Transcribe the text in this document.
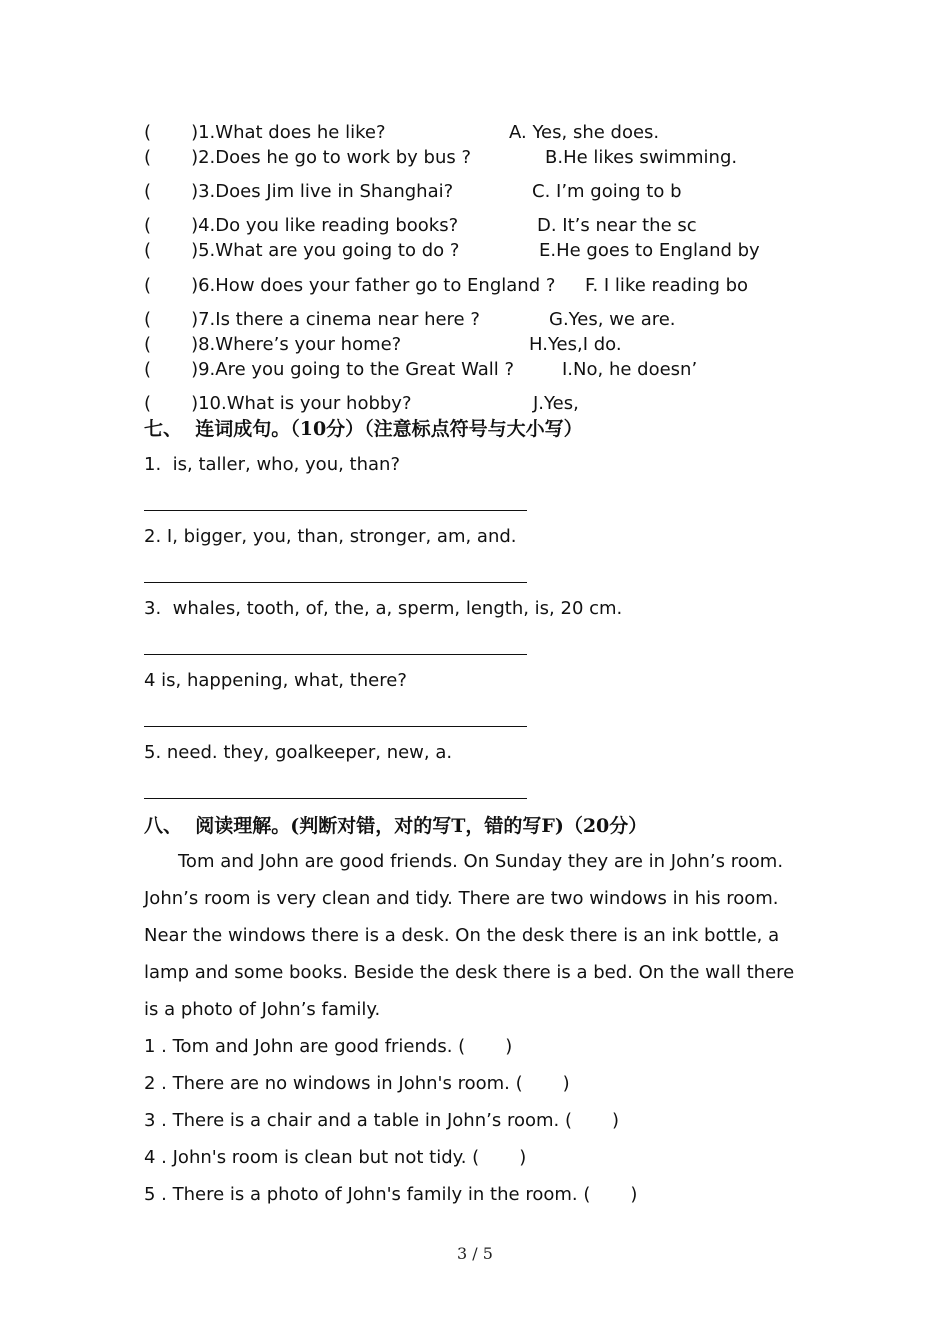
(       )1.What does he like?	A. Yes, she does.
(       )2.Does he go to work by bus ?	B.He likes swimming.
(       )3.Does Jim live in Shanghai?	C. I’m going to b
(       )4.Do you like reading books?	D. It’s near the sc
(       )5.What are you going to do ?	E.He goes to England by
(       )6.How does your father go to England ? F. I like reading bo
(       )7.Is there a cinema near here ?	G.Yes, we are.
(       )8.Where’s your home?	H.Yes,I do.
(       )9.Are you going to the Great Wall ?	I.No, he doesn’
(       )10.What is your hobby?	J.Yes,
七、  连词成句。（10分）（注意标点符号与大小写）
1.  is, taller, who, you, than?
2. I, bigger, you, than, stronger, am, and.
3.  whales, tooth, of, the, a, sperm, length, is, 20 cm.
4 is, happening, what, there?
5. need. they, goalkeeper, new, a.
八、  阅读理解。(判断对错，对的写T，错的写F)（20分）

Tom and John are good friends. On Sunday they are in John’s room. John’s room is very clean and tidy. There are two windows in his room. Near the windows there is a desk. On the desk there is an ink bottle, a lamp and some books. Beside the desk there is a bed. On the wall there is a photo of John’s family.

1 . Tom and John are good friends. (       )
2 . There are no windows in John's room. (       )
3 . There is a chair and a table in John’s room. (       )
4 . John's room is clean but not tidy. (       )
5 . There is a photo of John's family in the room. (       )
3 / 5
